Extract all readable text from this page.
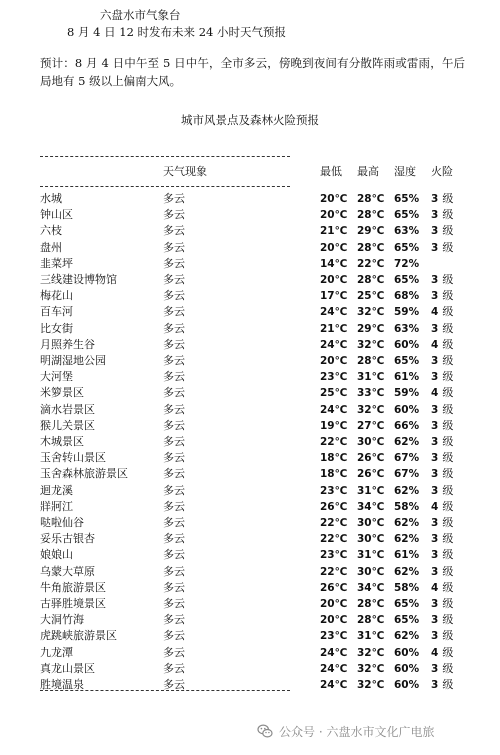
六盘水市气象台
8 月 4 日 12 时发布未来 24 小时天气预报
预计：8 月 4 日中午至 5 日中午，全市多云，傍晚到夜间有分散阵雨或雷雨，午后局地有 5 级以上偏南大风。
城市风景点及森林火险预报
天气现象	最低 最高 湿度 火险
水城	多云	20℃ 28℃ 65% 3 级
钟山区	多云	20℃ 28℃ 65% 3 级
六枝	多云	21℃ 29℃ 63% 3 级
盘州	多云	20℃ 28℃ 65% 3 级
韭菜坪	多云	14℃ 22℃ 72%
三线建设博物馆	多云	20℃ 28℃ 65% 3 级
梅花山	多云	17℃ 25℃ 68% 3 级
百车河	多云	24℃ 32℃ 59% 4 级
比女街	多云	21℃ 29℃ 63% 3 级
月照养生谷	多云	24℃ 32℃ 60% 4 级
明湖湿地公园	多云	20℃ 28℃ 65% 3 级
大河堡	多云	23℃ 31℃ 61% 3 级
米箩景区	多云	25℃ 33℃ 59% 4 级
滴水岩景区	多云	24℃ 32℃ 60% 3 级
猴儿关景区	多云	19℃ 27℃ 66% 3 级
木城景区	多云	22℃ 30℃ 62% 3 级
玉舍转山景区	多云	18℃ 26℃ 67% 3 级
玉舍森林旅游景区	多云	18℃ 26℃ 67% 3 级
迴龙溪	多云	23℃ 31℃ 62% 3 级
牂牁江	多云	26℃ 34℃ 58% 4 级
哒啦仙谷	多云	22℃ 30℃ 62% 3 级
妥乐古银杏	多云	22℃ 30℃ 62% 3 级
娘娘山	多云	23℃ 31℃ 61% 3 级
乌蒙大草原	多云	22℃ 30℃ 62% 3 级
牛角旅游景区	多云	26℃ 34℃ 58% 4 级
古驿胜境景区	多云	20℃ 28℃ 65% 3 级
大洞竹海	多云	20℃ 28℃ 65% 3 级
虎跳峡旅游景区	多云	23℃ 31℃ 62% 3 级
九龙潭	多云	24℃ 32℃ 60% 4 级
真龙山景区	多云	24℃ 32℃ 60% 3 级
胜境温泉	多云	24℃ 32℃ 60% 3 级
公众号 · 六盘水市文化广电旅
